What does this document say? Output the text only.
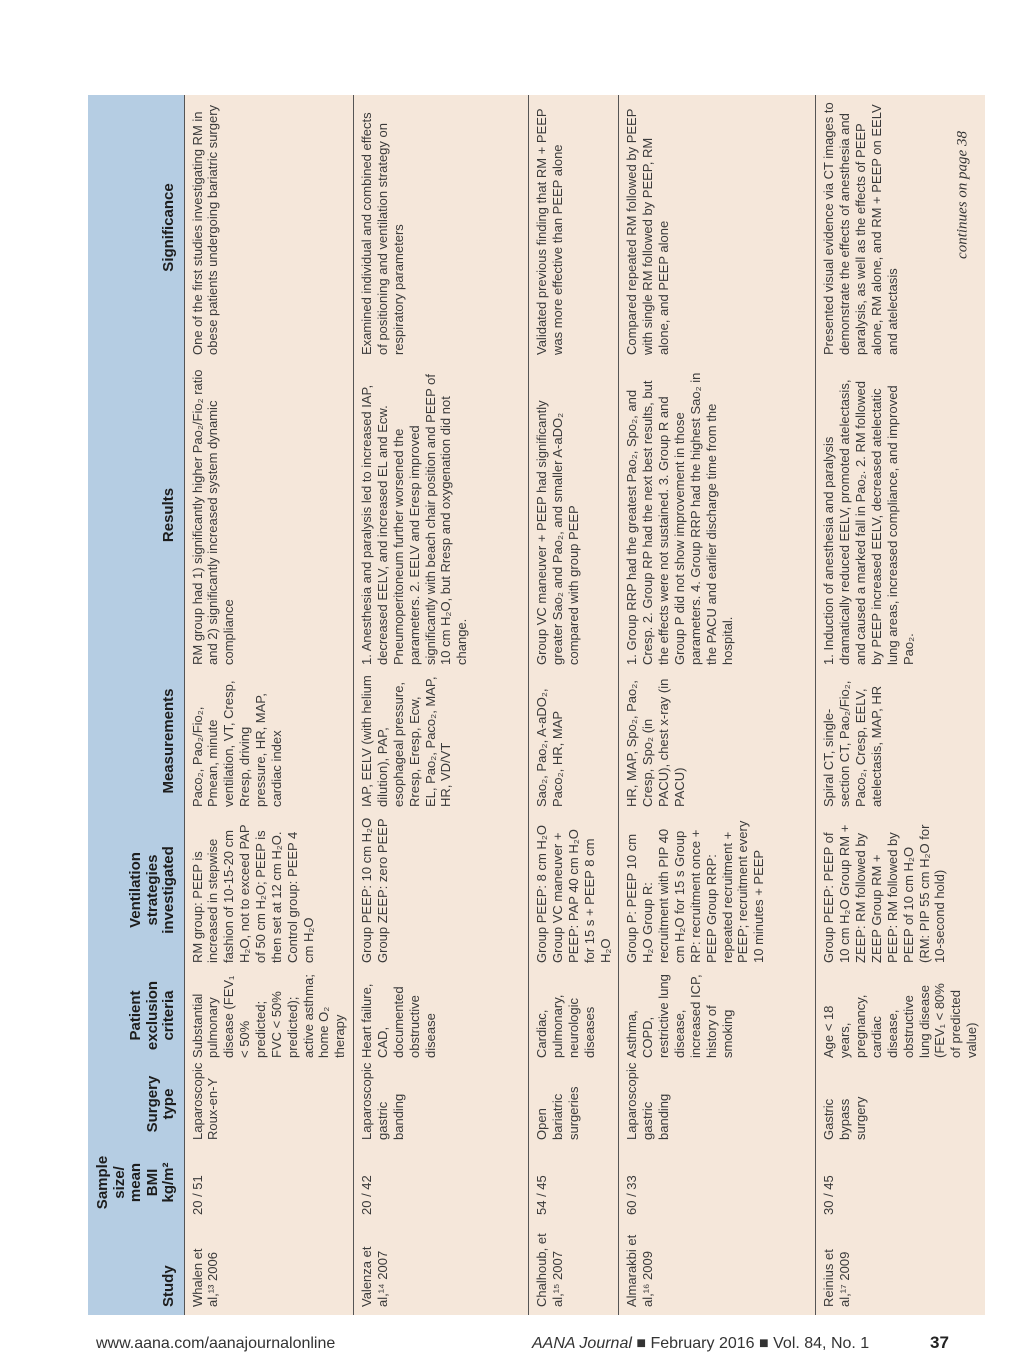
Study	Sample size/ mean BMI kg/m²	Surgery type	Patient exclusion criteria	Ventilation strategies investigated	Measurements	Results	Significance
Whalen et al,¹³ 2006	20 / 51	Laparoscopic Roux-en-Y	Substantial pulmonary disease (FEV₁ < 50% predicted; FVC < 50% predicted); active asthma; home O₂ therapy	RM group: PEEP is increased in stepwise fashion of 10-15-20 cm H₂O, not to exceed PAP of 50 cm H₂O; PEEP is then set at 12 cm H₂O. Control group: PEEP 4 cm H₂O	Paco₂, Pao₂/Fio₂, Pmean, minute ventilation, VT, Cresp, Rresp, driving pressure, HR, MAP, cardiac index	RM group had 1) significantly higher Pao₂/Fio₂ ratio and 2) significantly increased system dynamic compliance	One of the first studies investigating RM in obese patients undergoing bariatric surgery
Valenza et al,¹⁴ 2007	20 / 42	Laparoscopic gastric banding	Heart failure, CAD, documented obstructive disease	Group PEEP: 10 cm H₂O Group ZEEP: zero PEEP	IAP, EELV (with helium dilution), PAP, esophageal pressure, Rresp, Eresp, Ecw, EL, Pao₂, Paco₂, MAP, HR, VD/VT	1. Anesthesia and paralysis led to increased IAP, decreased EELV, and increased EL and Ecw. Pneumoperitoneum further worsened the parameters. 2. EELV and Eresp improved significantly with beach chair position and PEEP of 10 cm H₂O, but Rresp and oxygenation did not change.	Examined individual and combined effects of positioning and ventilation strategy on respiratory parameters
Chalhoub, et al,¹⁵ 2007	54 / 45	Open bariatric surgeries	Cardiac, pulmonary, neurologic diseases	Group PEEP: 8 cm H₂O Group VC maneuver + PEEP: PAP 40 cm H₂O for 15 s + PEEP 8 cm H₂O	Sao₂, Pao₂, A-aDO₂, Paco₂, HR, MAP	Group VC maneuver + PEEP had significantly greater Sao₂ and Pao₂, and smaller A-aDO₂ compared with group PEEP	Validated previous finding that RM + PEEP was more effective than PEEP alone
Almarakbi et al,¹⁶ 2009	60 / 33	Laparoscopic gastric banding	Asthma, COPD, restrictive lung disease, increased ICP, history of smoking	Group P: PEEP 10 cm H₂O Group R: recruitment with PIP 40 cm H₂O for 15 s Group RP: recruitment once + PEEP Group RRP: repeated recruitment + PEEP; recruitment every 10 minutes + PEEP	HR, MAP, Spo₂, Pao₂, Cresp, Spo₂ (in PACU), chest x-ray (in PACU)	1. Group RRP had the greatest Pao₂, Spo₂, and Cresp. 2. Group RP had the next best results, but the effects were not sustained. 3. Group R and Group P did not show improvement in those parameters. 4. Group RRP had the highest Sao₂ in the PACU and earlier discharge time from the hospital.	Compared repeated RM followed by PEEP with single RM followed by PEEP, RM alone, and PEEP alone
Reinius et al,¹⁷ 2009	30 / 45	Gastric bypass surgery	Age < 18 years, pregnancy, cardiac disease, obstructive lung disease (FEV₁ < 80% of predicted value)	Group PEEP: PEEP of 10 cm H₂O Group RM + ZEEP: RM followed by ZEEP Group RM + PEEP: RM followed by PEEP of 10 cm H₂O (RM: PIP 55 cm H₂O for 10-second hold)	Spiral CT, single-section CT, Pao₂/Fio₂, Paco₂, Cresp, EELV, atelectasis, MAP, HR	1. Induction of anesthesia and paralysis dramatically reduced EELV, promoted atelectasis, and caused a marked fall in Pao₂. 2. RM followed by PEEP increased EELV, decreased atelectatic lung areas, increased compliance, and improved Pao₂.	Presented visual evidence via CT images to demonstrate the effects of anesthesia and paralysis, as well as the effects of PEEP alone, RM alone, and RM + PEEP on EELV and atelectasis
continues on page 38
www.aana.com/aanajournalonline	AANA Journal ■ February 2016 ■ Vol. 84, No. 1	37
